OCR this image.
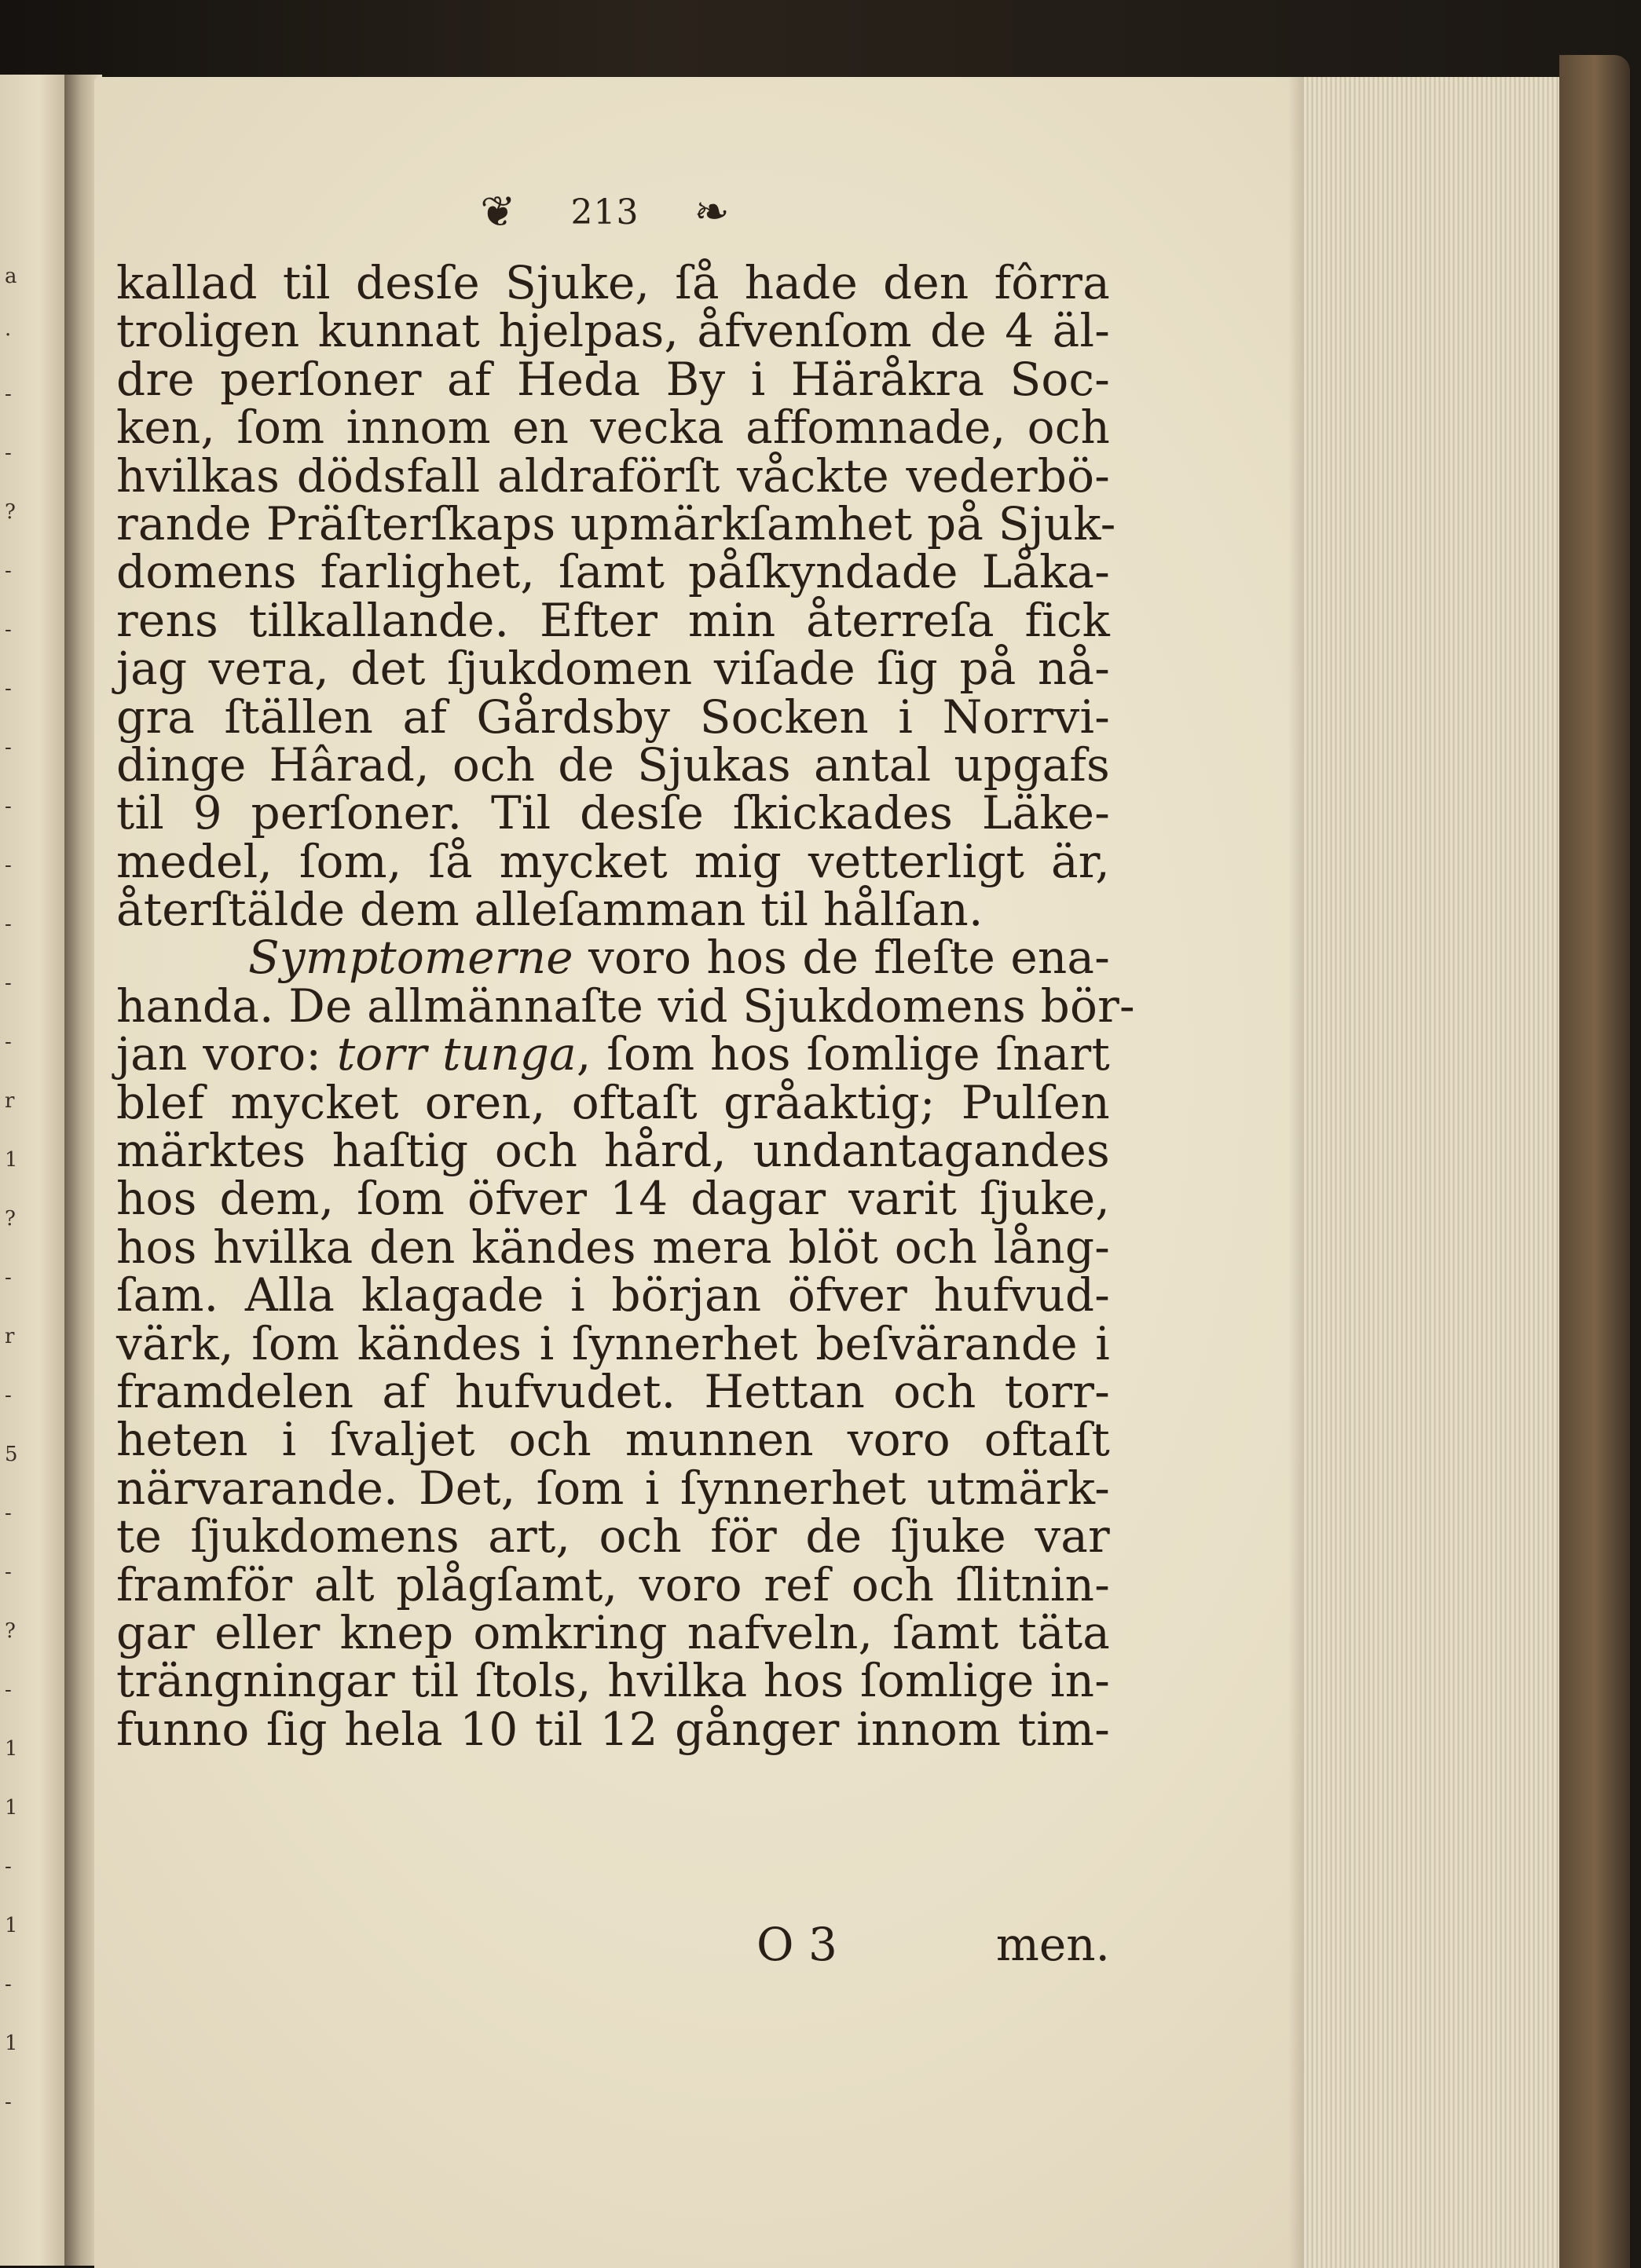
a
·
-
-
?
-
-
-
-
-
-
-
-
-
r
1
?
-
r
-
5
-
-
?
-
1
1
-
1
-
1
-
❦ 213 ❧
kallad til desſe Sjuke, ſå hade den fôrra
troligen kunnat hjelpas, åfvenſom de 4 äl-
dre perſoner af Heda By i Häråkra Soc-
ken, ſom innom en vecka affomnade, och
hvilkas dödsfall aldraförſt våckte vederbö-
rande Präſterſkaps upmärkſamhet på Sjuk-
domens farlighet, ſamt påſkyndade Låka-
rens tilkallande. Efter min återreſa fick
jag vета, det ſjukdomen viſade ſig på nå-
gra ſtällen af Gårdsby Socken i Norrvi-
dinge Hârad, och de Sjukas antal upgafs
til 9 perſoner. Til desſe ſkickades Läke-
medel, ſom, ſå mycket mig vetterligt är,
återſtälde dem alleſamman til hålſan.
Symptomerne voro hos de fleſte ena-
handa. De allmännaſte vid Sjukdomens bör-
jan voro: torr tunga, ſom hos ſomlige ſnart
blef mycket oren, oftaſt gråaktig; Pulſen
märktes haſtig och hård, undantagandes
hos dem, ſom öfver 14 dagar varit ſjuke,
hos hvilka den kändes mera blöt och lång-
ſam. Alla klagade i början öfver hufvud-
värk, ſom kändes i ſynnerhet beſvärande i
framdelen af hufvudet. Hettan och torr-
heten i ſvaljet och munnen voro oftaſt
närvarande. Det, ſom i ſynnerhet utmärk-
te ſjukdomens art, och för de ſjuke var
framför alt plågſamt, voro ref och ſlitnin-
gar eller knep omkring nafveln, ſamt täta
trängningar til ſtols, hvilka hos ſomlige in-
funno ſig hela 10 til 12 gånger innom tim-
O 3	men.
